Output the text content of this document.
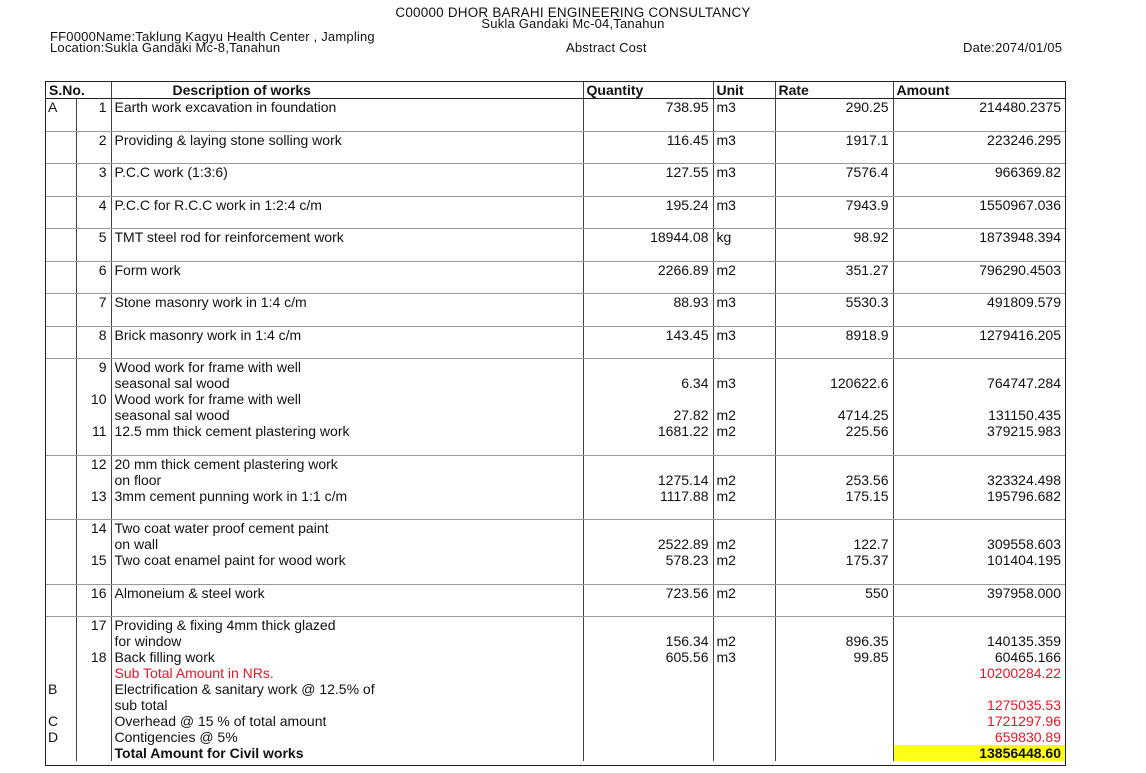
C00000 DHOR BARAHI ENGINEERING CONSULTANCY
Sukla Gandaki Mc-04,Tanahun
FF0000Name:Taklung Kagyu Health Center , Jampling
Location:Sukla Gandaki Mc-8,Tanahun	Abstract Cost	Date:2074/01/05
S.No.		Description of works	Quantity	Unit	Rate	Amount
A	1	Earth work excavation in foundation	738.95	m3	290.25	214480.2375

	2	Providing & laying stone solling work	116.45	m3	1917.1	223246.295

	3	P.C.C work (1:3:6)	127.55	m3	7576.4	966369.82

	4	P.C.C for R.C.C work in 1:2:4 c/m	195.24	m3	7943.9	1550967.036

	5	TMT steel rod for reinforcement work	18944.08	kg	98.92	1873948.394

	6	Form work	2266.89	m2	351.27	796290.4503

	7	Stone masonry work in 1:4 c/m	88.93	m3	5530.3	491809.579

	8	Brick masonry work in 1:4 c/m	143.45	m3	8918.9	1279416.205

	9	Wood work for frame with well				
		seasonal sal wood	6.34	m3	120622.6	764747.284
	10	Wood work for frame with well				
		seasonal sal wood	27.82	m2	4714.25	131150.435
	11	12.5 mm thick cement plastering work	1681.22	m2	225.56	379215.983

	12	20 mm thick cement plastering work				
		on floor	1275.14	m2	253.56	323324.498
	13	3mm cement punning work in 1:1 c/m	1117.88	m2	175.15	195796.682

	14	Two coat water proof cement paint				
		on wall	2522.89	m2	122.7	309558.603
	15	Two coat enamel paint for wood work	578.23	m2	175.37	101404.195

	16	Almoneium & steel work	723.56	m2	550	397958.000

	17	Providing & fixing 4mm thick glazed				
		for window	156.34	m2	896.35	140135.359
	18	Back filling work	605.56	m3	99.85	60465.166
		Sub Total Amount in NRs.				10200284.22
B		Electrification & sanitary work @ 12.5% of				
		sub total				1275035.53
C		Overhead @ 15 % of total amount				1721297.96
D		Contigencies @ 5%				659830.89
		Total Amount for Civil works				13856448.60
